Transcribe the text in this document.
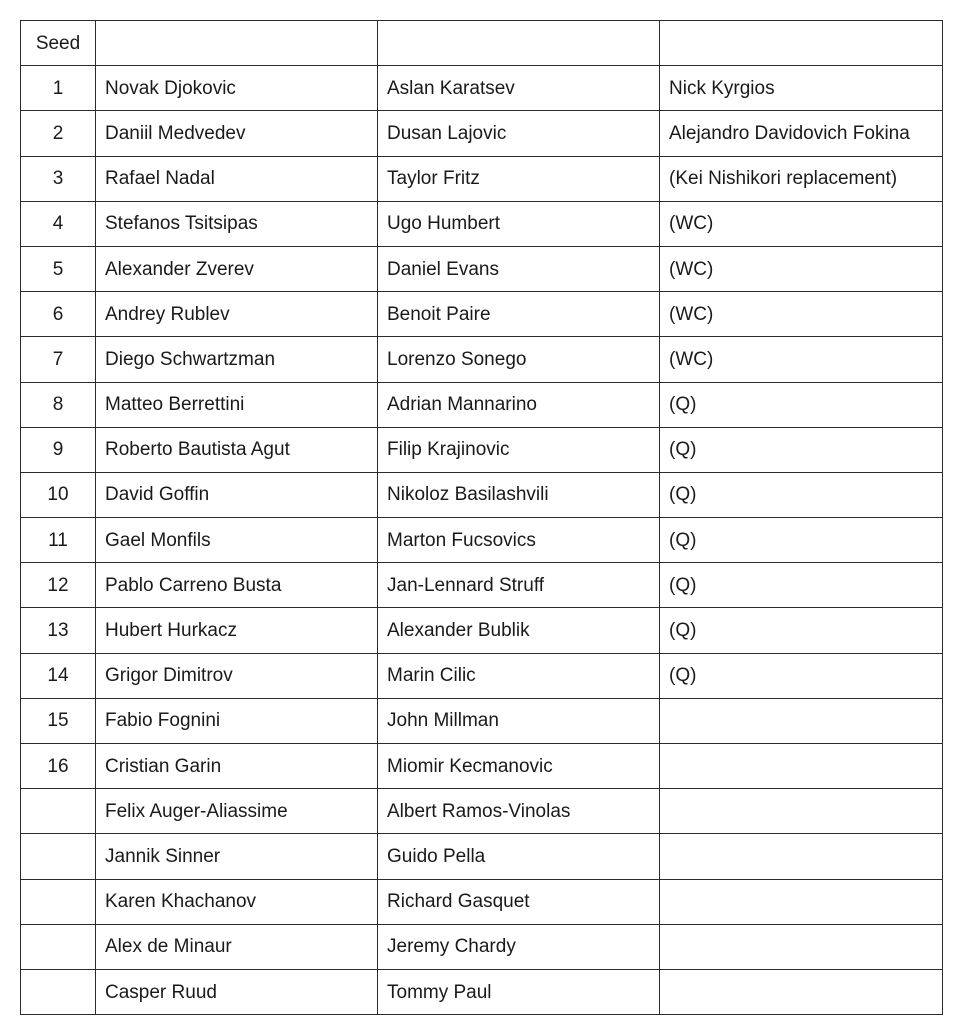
Seed			
1	Novak Djokovic	Aslan Karatsev	Nick Kyrgios
2	Daniil Medvedev	Dusan Lajovic	Alejandro Davidovich Fokina
3	Rafael Nadal	Taylor Fritz	(Kei Nishikori replacement)
4	Stefanos Tsitsipas	Ugo Humbert	(WC)
5	Alexander Zverev	Daniel Evans	(WC)
6	Andrey Rublev	Benoit Paire	(WC)
7	Diego Schwartzman	Lorenzo Sonego	(WC)
8	Matteo Berrettini	Adrian Mannarino	(Q)
9	Roberto Bautista Agut	Filip Krajinovic	(Q)
10	David Goffin	Nikoloz Basilashvili	(Q)
11	Gael Monfils	Marton Fucsovics	(Q)
12	Pablo Carreno Busta	Jan-Lennard Struff	(Q)
13	Hubert Hurkacz	Alexander Bublik	(Q)
14	Grigor Dimitrov	Marin Cilic	(Q)
15	Fabio Fognini	John Millman	
16	Cristian Garin	Miomir Kecmanovic	
	Felix Auger-Aliassime	Albert Ramos-Vinolas	
	Jannik Sinner	Guido Pella	
	Karen Khachanov	Richard Gasquet	
	Alex de Minaur	Jeremy Chardy	
	Casper Ruud	Tommy Paul	
